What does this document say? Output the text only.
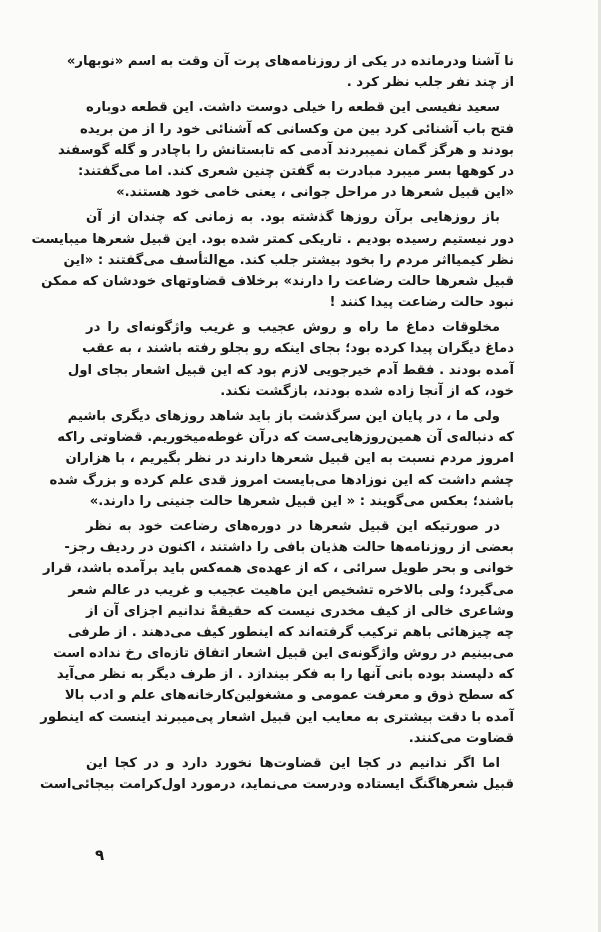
نا آشنا ودرمانده در یکی از روزنامه‌های پرت آن وقت به اسم «نوبهار»
از چند نفر جلب نظر کرد .
سعید نفیسی این قطعه را خیلی دوست داشت. این قطعه دوباره
فتح باب آشنائی کرد بین من وکسانی که آشنائی خود را از من بریده
بودند و هرگز گمان نمیبردند آدمی که تابستانش را باچادر و گله گوسفند
در کوهها بسر میبرد مبادرت به گفتن چنین شعری کند. اما می‌گفتند:
«این قبیل شعرها در مراحل جوانی ، یعنی خامی خود هستند.»
باز روزهایی برآن روزها گذشته بود. به زمانی که چندان از آن
دور نیستیم رسیده بودیم . تاریکی کمتر شده بود. این قبیل شعرها میبایست
نظر کیمیااثر مردم را بخود بیشتر جلب کند. مع‌التأسف می‌گفتند : «این
قبیل شعرها حالت رضاعت را دارند» برخلاف قضاوتهای خودشان که ممکن
نبود حالت رضاعت پیدا کنند !
مخلوقات دماغ ما راه و روش عجیب و غریب واژگونه‌ای را در
دماغ دیگران پیدا کرده بود؛ بجای اینکه رو بجلو رفته باشند ، به عقب
آمده بودند . فقط آدم خیرجویی لازم بود که این قبیل اشعار بجای اول
خود، که از آنجا زاده شده بودند، بازگشت نکند.
ولی ما ، در پایان این سرگذشت باز باید شاهد روزهای دیگری باشیم
که دنباله‌ی آن همین‌روزهایی‌ست که درآن غوطه‌میخوریم. قضاوتی راکه
امروز مردم نسبت به این قبیل شعرها دارند در نظر بگیریم ، با هزاران
چشم داشت که این نوزادها می‌بایست امروز قدی علم کرده و بزرگ شده
باشند؛ بعکس می‌گویند : « این قبیل شعرها حالت جنینی را دارند.»
در صورتیکه این قبیل شعرها در دوره‌های رضاعت خود به نظر
بعضی از روزنامه‌ها حالت هذیان بافی را داشتند ، اکنون در ردیف رجز-
خوانی و بحر طویل سرائی ، که از عهده‌ی همه‌کس باید برآمده باشد، قرار
می‌گیرد؛ ولی بالاخره تشخیص این ماهیت عجیب و غریب در عالم شعر
وشاعری خالی از کیف مخدری نیست که حقیقةً ندانیم اجزای آن از
چه چیزهائی باهم ترکیب گرفته‌اند که اینطور کیف می‌دهند . از طرفی
می‌بینیم در روش واژگونه‌ی این قبیل اشعار اتفاق تازه‌ای رخ نداده است
که دلپسند بوده بانی آنها را به فکر بیندازد . از طرف دیگر به نظر می‌آید
که سطح ذوق و معرفت عمومی و مشغولین‌کارخانه‌های علم و ادب بالا
آمده با دقت بیشتری به معایب این قبیل اشعار پی‌میبرند اینست که اینطور
قضاوت می‌کنند.
اما اگر ندانیم در کجا این قضاوت‌ها نخورد دارد و در کجا این
قبیل شعرهاگنگ ایستاده ودرست می‌نماید، درمورد اول‌کرامت بیجائی‌است
۹
